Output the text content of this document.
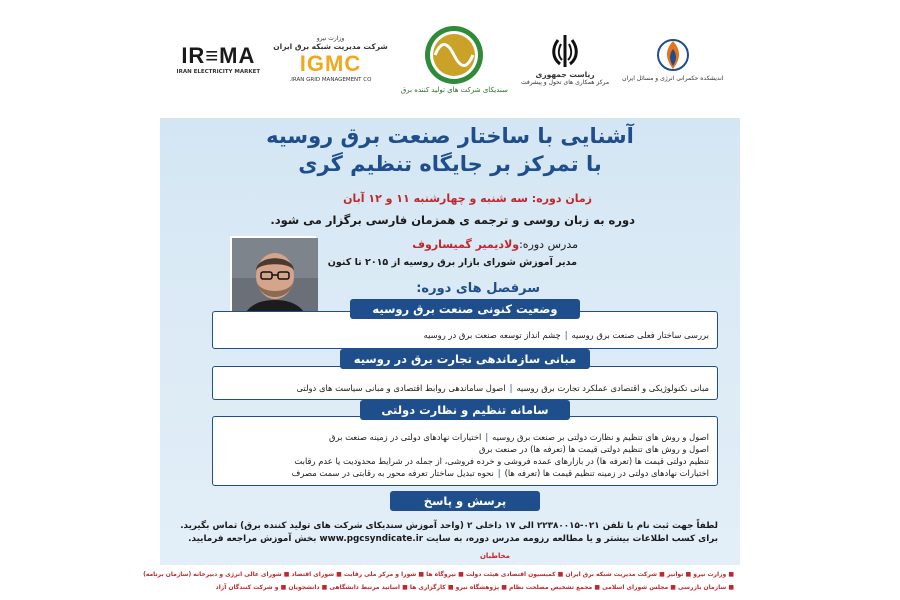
اندیشکده حکمرانی انرژی و مسائل ایران
ریاست جمهوری
مرکز همکاری های تحول و پیشرفت
سندیکای شرکت های تولید کننده برق
وزارت نیرو
شرکت مدیریت شبکه برق ایران
IGMC
IRAN GRID MANAGEMENT CO.
IR≡MA
IRAN ELECTRICITY MARKET
آشنایی با ساختار صنعت برق روسیه
با تمرکز بر جایگاه تنظیم گری
زمان دوره: سه شنبه و چهارشنبه ۱۱ و ۱۲ آبان
دوره به زبان روسی و ترجمه ی همزمان فارسی برگزار می شود.
مدرس دوره:ولادیمیر گمیساروف
مدیر آموزش شورای بازار برق روسیه از ۲۰۱۵ تا کنون
سرفصل های دوره:
بررسی ساختار فعلی صنعت برق روسیه|چشم انداز توسعه صنعت برق در روسیه
وضعیت کنونی صنعت برق روسیه
مبانی تکنولوژیکی و اقتصادی عملکرد تجارت برق روسیه|اصول ساماندهی روابط اقتصادی و مبانی سیاست های دولتی
مبانی سازماندهی تجارت برق در روسیه
اصول و روش های تنظیم و نظارت دولتی بر صنعت برق روسیه|اختیارات نهادهای دولتی در زمینه صنعت برق
اصول و روش های تنظیم دولتی قیمت ها (تعرفه ها) در صنعت برق
تنظیم دولتی قیمت ها (تعرفه ها) در بازارهای عمده فروشی و خرده فروشی، از جمله در شرایط محدودیت یا عدم رقابت
اختیارات نهادهای دولتی در زمینه تنظیم قیمت ها (تعرفه ها)|نحوه تبدیل ساختار تعرفه محور به رقابتی در سمت مصرف
سامانه تنظیم و نظارت دولتی
پرسش و پاسخ
لطفاً جهت ثبت نام با تلفن ۰۲۱-۲۲۳۸۰۰۱۵ الی ۱۷ داخلی ۲ (واحد آموزش سندیکای شرکت های تولید کننده برق) تماس بگیرید.
برای کسب اطلاعات بیشتر و یا مطالعه رزومه مدرس دوره، به سایت www.pgcsyndicate.ir بخش آموزش مراجعه فرمایید.
مخاطبان
■ وزارت نیرو ■ توانیر ■ شرکت مدیریت شبکه برق ایران ■ کمیسیون اقتصادی هیئت دولت ■ نیروگاه ها ■ شورا و مرکز ملی رقابت ■ شورای اقتصاد ■ شورای عالی انرژی و دبیرخانه (سازمان برنامه)
■ سازمان بازرسی ■ مجلس شورای اسلامی ■ مجمع تشخیص مصلحت نظام ■ پژوهشگاه نیرو ■ کارگزاری ها ■ اساتید مرتبط دانشگاهی ■ دانشجویان ■ و شرکت کنندگان آزاد
